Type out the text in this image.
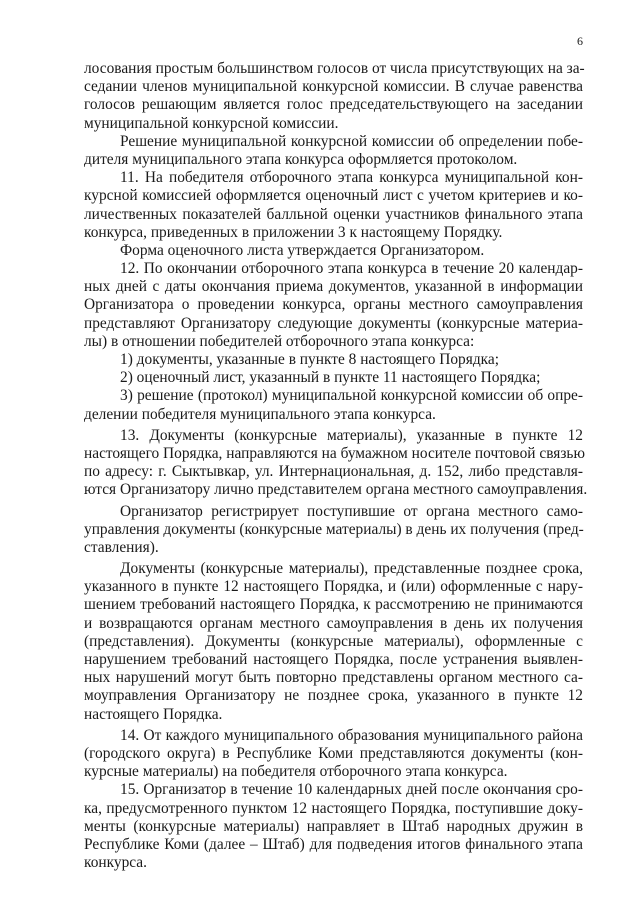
6
лосования простым большинством голосов от числа присутствующих на за-
седании членов муниципальной конкурсной комиссии. В случае равенства
голосов решающим является голос председательствующего на заседании
муниципальной конкурсной комиссии.
Решение муниципальной конкурсной комиссии об определении побе-
дителя муниципального этапа конкурса оформляется протоколом.
11. На победителя отборочного этапа конкурса муниципальной кон-
курсной комиссией оформляется оценочный лист с учетом критериев и ко-
личественных показателей балльной оценки участников финального этапа
конкурса, приведенных в приложении 3 к настоящему Порядку.
Форма оценочного листа утверждается Организатором.
12. По окончании отборочного этапа конкурса в течение 20 календар-
ных дней с даты окончания приема документов, указанной в информации
Организатора о проведении конкурса, органы местного самоуправления
представляют Организатору следующие документы (конкурсные материа-
лы) в отношении победителей отборочного этапа конкурса:
1) документы, указанные в пункте 8 настоящего Порядка;
2) оценочный лист, указанный в пункте 11 настоящего Порядка;
3) решение (протокол) муниципальной конкурсной комиссии об опре-
делении победителя муниципального этапа конкурса.
13. Документы (конкурсные материалы), указанные в пункте 12
настоящего Порядка, направляются на бумажном носителе почтовой связью
по адресу: г. Сыктывкар, ул. Интернациональная, д. 152, либо представля-
ются Организатору лично представителем органа местного самоуправления.
Организатор регистрирует поступившие от органа местного само-
управления документы (конкурсные материалы) в день их получения (пред-
ставления).
Документы (конкурсные материалы), представленные позднее срока,
указанного в пункте 12 настоящего Порядка, и (или) оформленные с нару-
шением требований настоящего Порядка, к рассмотрению не принимаются
и возвращаются органам местного самоуправления в день их получения
(представления). Документы (конкурсные материалы), оформленные с
нарушением требований настоящего Порядка, после устранения выявлен-
ных нарушений могут быть повторно представлены органом местного са-
моуправления Организатору не позднее срока, указанного в пункте 12
настоящего Порядка.
14. От каждого муниципального образования муниципального района
(городского округа) в Республике Коми представляются документы (кон-
курсные материалы) на победителя отборочного этапа конкурса.
15. Организатор в течение 10 календарных дней после окончания сро-
ка, предусмотренного пунктом 12 настоящего Порядка, поступившие доку-
менты (конкурсные материалы) направляет в Штаб народных дружин в
Республике Коми (далее – Штаб) для подведения итогов финального этапа
конкурса.
